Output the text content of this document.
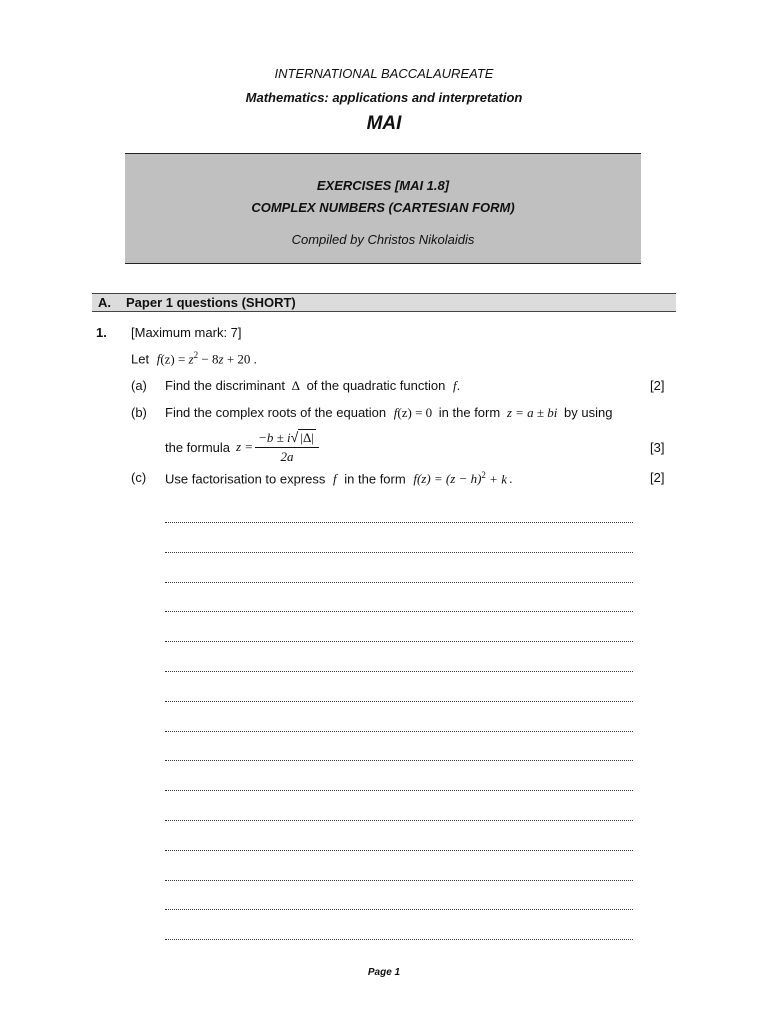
INTERNATIONAL BACCALAUREATE
Mathematics: applications and interpretation
MAI
EXERCISES [MAI 1.8]
COMPLEX NUMBERS (CARTESIAN FORM)
Compiled by Christos Nikolaidis
A. Paper 1 questions (SHORT)
1. [Maximum mark: 7]
Let $f(z) = z^2 - 8z + 20$ .
(a) Find the discriminant Δ of the quadratic function f.	[2]
(b) Find the complex roots of the equation f(z) = 0 in the form z = a ± bi by using
the formula $z = \frac{-b \pm i√ |\Delta|}{2a}$	[3]
(c) Use factorisation to express f in the form $f(z) = (z - h)^2 + k$ .	[2]
Page 1
